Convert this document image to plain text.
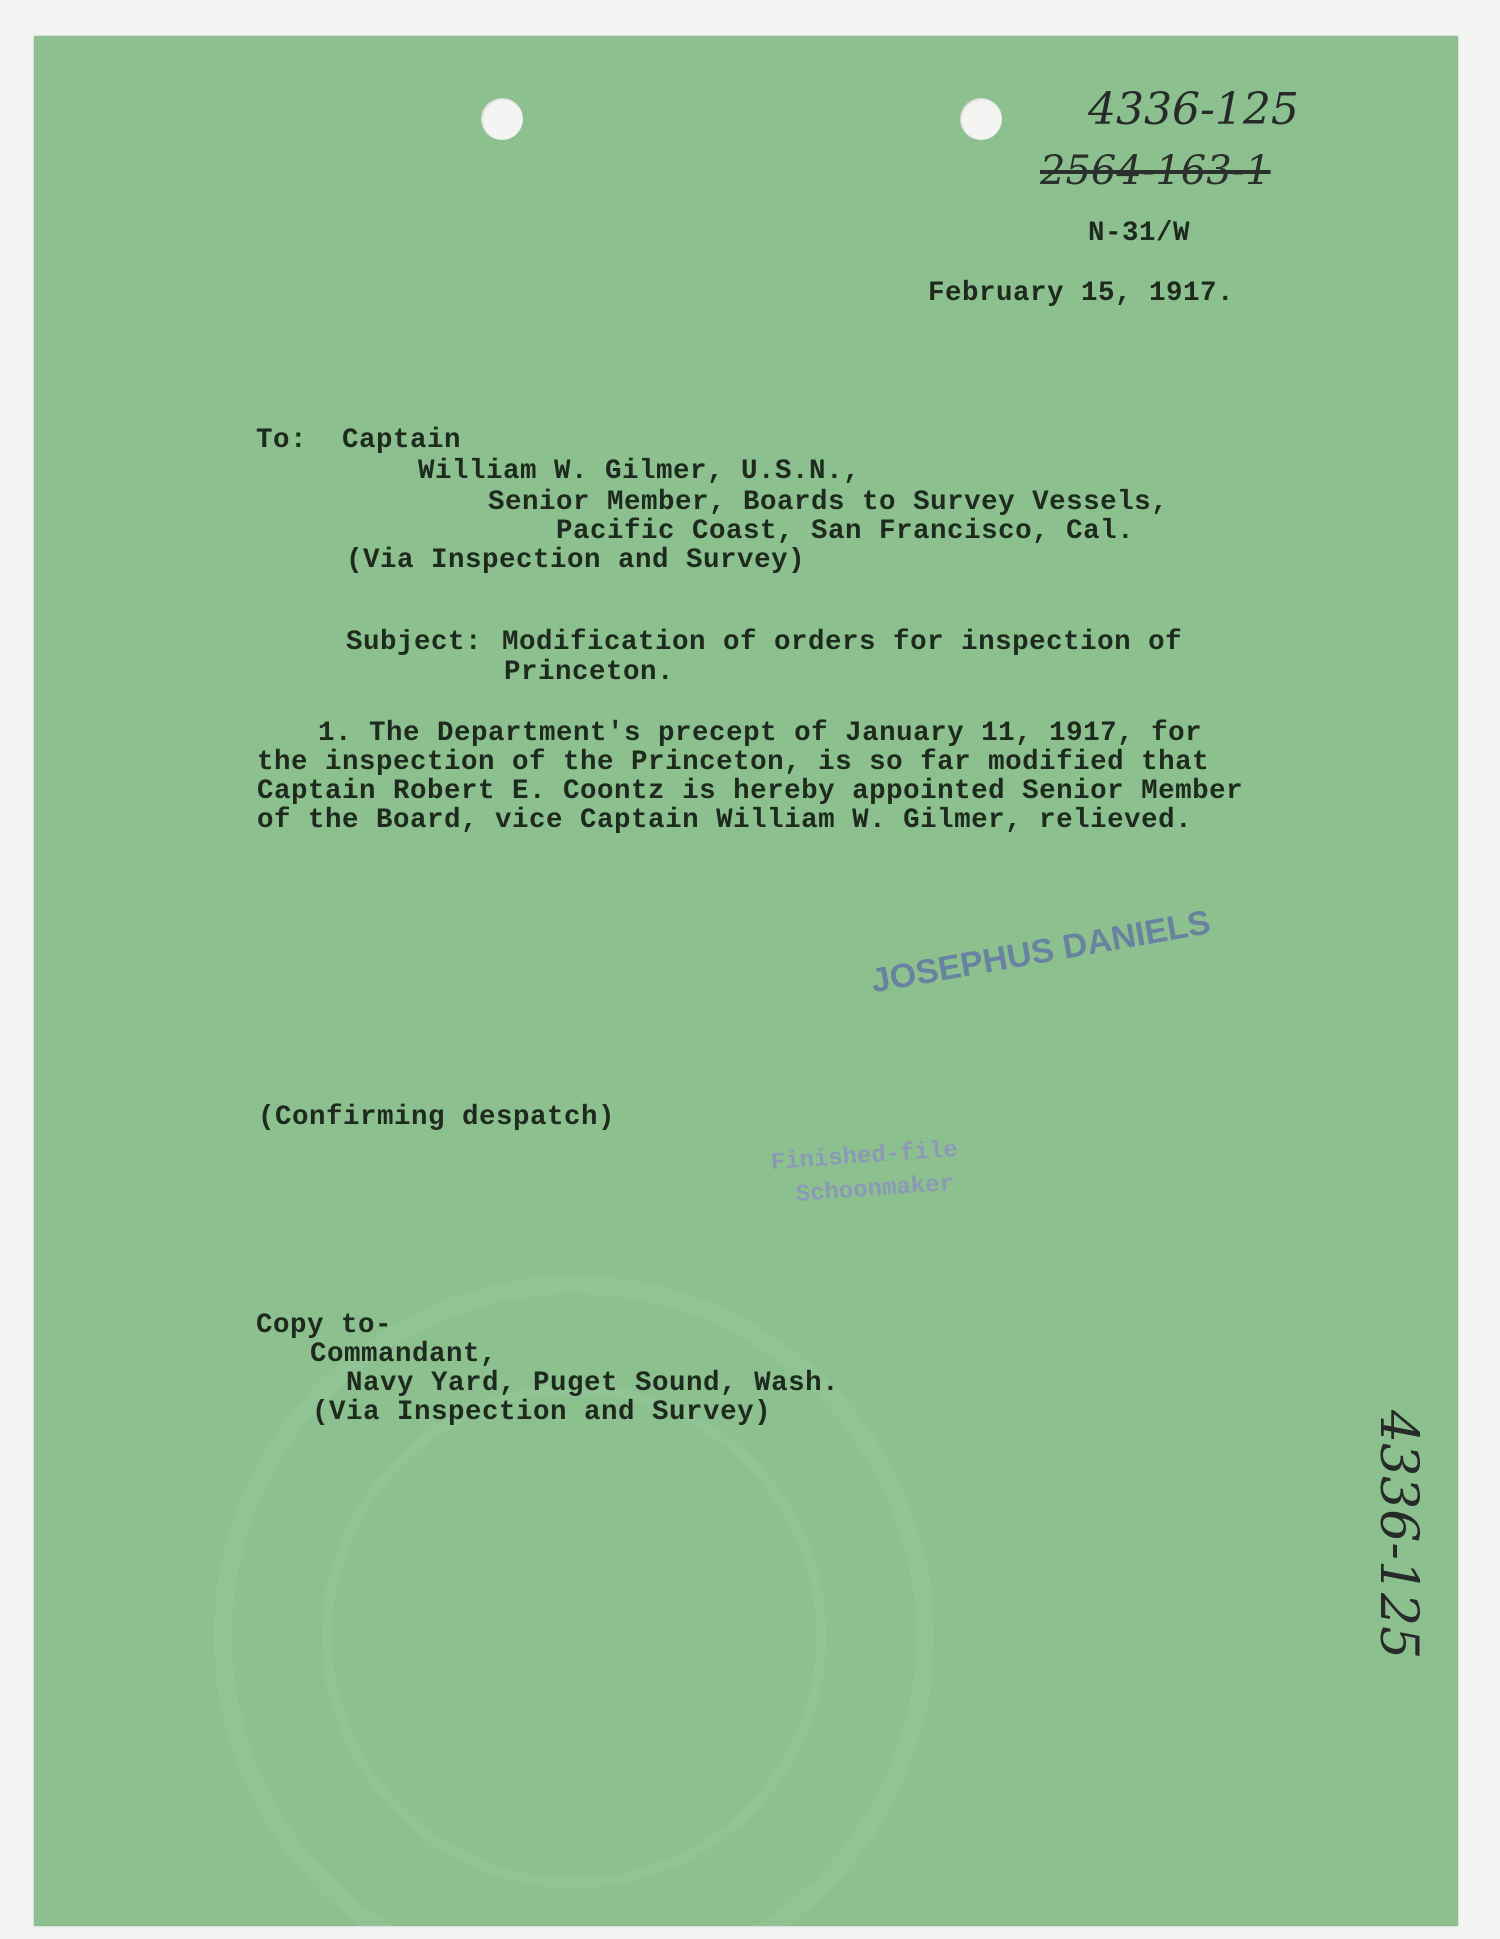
4336-125
2564-163-1

N-31/W

February 15, 1917.

To: Captain

William W. Gilmer, U.S.N.,

Senior Member, Boards to Survey Vessels,

Pacific Coast, San Francisco, Cal.

(Via Inspection and Survey)

Subject: Modification of orders for inspection of

Princeton.

1. The Department's precept of January 11, 1917, for

the inspection of the Princeton, is so far modified that

Captain Robert E. Coontz is hereby appointed Senior Member

of the Board, vice Captain William W. Gilmer, relieved.

JOSEPHUS DANIELS

(Confirming despatch)

Finished-file
Schoonmaker

Copy to-

Commandant,

Navy Yard, Puget Sound, Wash.

(Via Inspection and Survey)	4336-125
